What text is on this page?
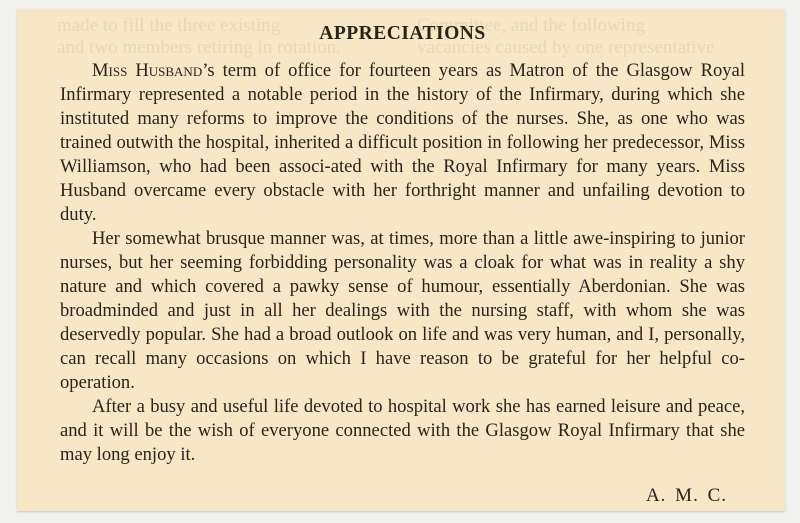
made to fill the three existing
and two members retiring in rotation.
Committee, and the following
vacancies caused by one representative
APPRECIATIONS

Miss Husband’s term of office for fourteen years as Matron of the Glasgow Royal Infirmary represented a notable period in the history of the Infirmary, during which she instituted many reforms to improve the conditions of the nurses. She, as one who was trained outwith the hospital, inherited a difficult position in following her predecessor, Miss Williamson, who had been associ-ated with the Royal Infirmary for many years. Miss Husband overcame every obstacle with her forthright manner and unfailing devotion to duty.

Her somewhat brusque manner was, at times, more than a little awe-inspiring to junior nurses, but her seeming forbidding personality was a cloak for what was in reality a shy nature and which covered a pawky sense of humour, essentially Aberdonian. She was broadminded and just in all her dealings with the nursing staff, with whom she was deservedly popular. She had a broad outlook on life and was very human, and I, personally, can recall many occasions on which I have reason to be grateful for her helpful co-operation.

After a busy and useful life devoted to hospital work she has earned leisure and peace, and it will be the wish of everyone connected with the Glasgow Royal Infirmary that she may long enjoy it.

A. M. C.
